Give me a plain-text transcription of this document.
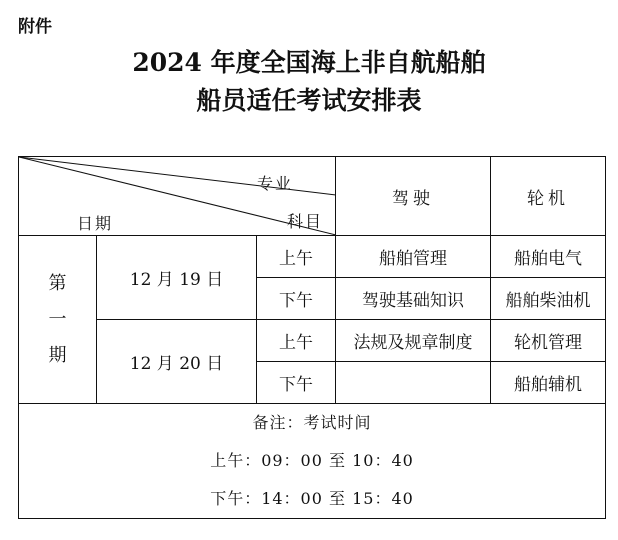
附件
2024 年度全国海上非自航船舶
船员适任考试安排表
专业
科目
日期			驾驶	轮机

第
一
期	12 月 19 日	上午	船舶管理	船舶电气
		下午	驾驶基础知识	船舶柴油机
	12 月 20 日	上午	法规及规章制度	轮机管理
		下午		船舶辅机

备注：考试时间
上午：09：00 至 10：40
下午：14：00 至 15：40				
